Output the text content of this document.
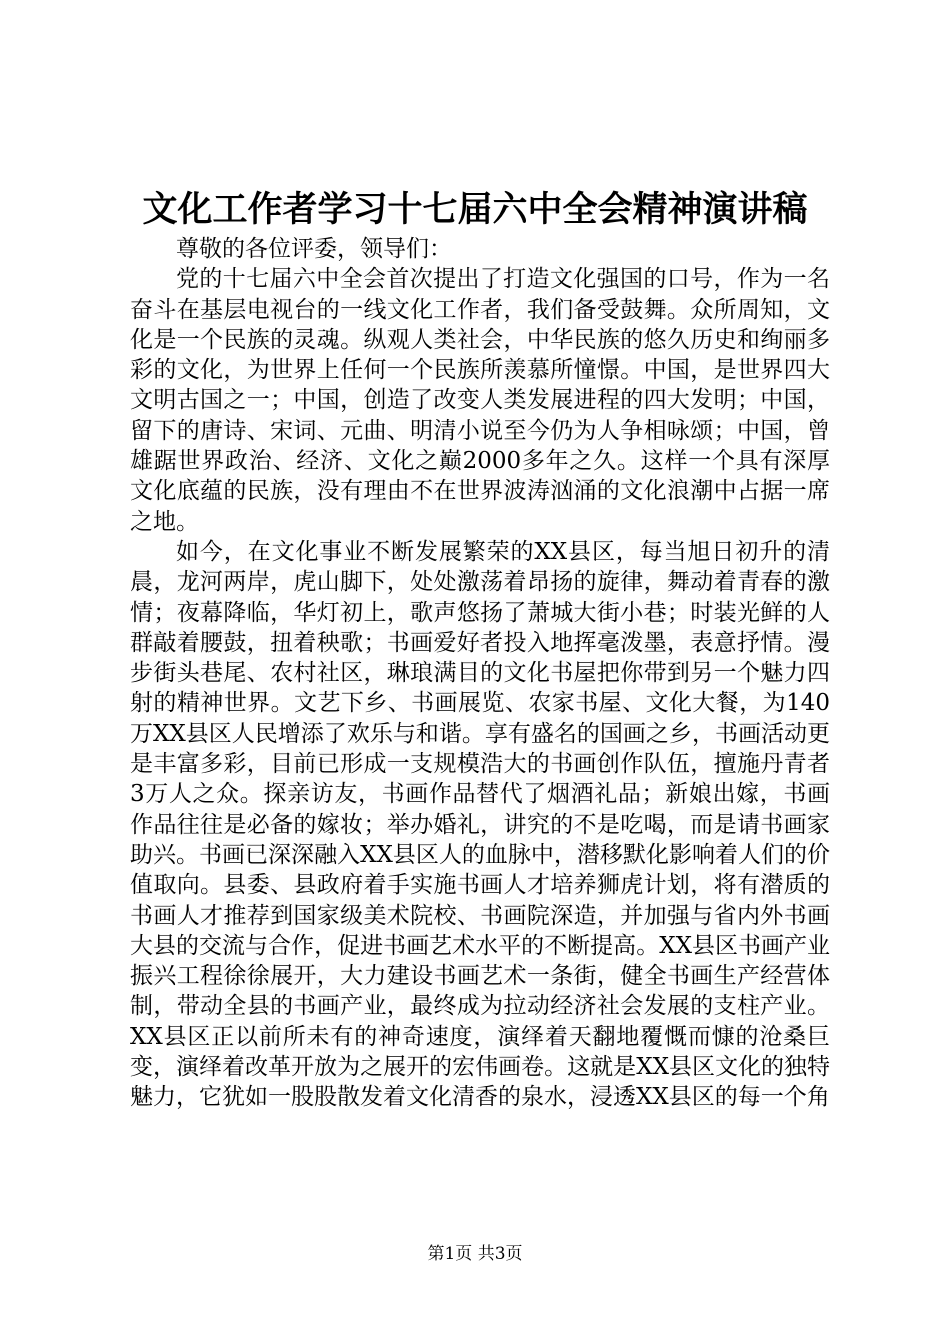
文化工作者学习十七届六中全会精神演讲稿

尊敬的各位评委，领导们：

党的十七届六中全会首次提出了打造文化强国的口号，作为一名奋斗在基层电视台的一线文化工作者，我们备受鼓舞。众所周知，文化是一个民族的灵魂。纵观人类社会，中华民族的悠久历史和绚丽多彩的文化，为世界上任何一个民族所羡慕所憧憬。中国，是世界四大文明古国之一；中国，创造了改变人类发展进程的四大发明；中国，留下的唐诗、宋词、元曲、明清小说至今仍为人争相咏颂；中国，曾雄踞世界政治、经济、文化之巅2000多年之久。这样一个具有深厚文化底蕴的民族，没有理由不在世界波涛汹涌的文化浪潮中占据一席之地。

如今，在文化事业不断发展繁荣的XX县区，每当旭日初升的清晨，龙河两岸，虎山脚下，处处激荡着昂扬的旋律，舞动着青春的激情；夜幕降临，华灯初上，歌声悠扬了萧城大街小巷；时装光鲜的人群敲着腰鼓，扭着秧歌；书画爱好者投入地挥毫泼墨，表意抒情。漫步街头巷尾、农村社区，琳琅满目的文化书屋把你带到另一个魅力四射的精神世界。文艺下乡、书画展览、农家书屋、文化大餐，为140万XX县区人民增添了欢乐与和谐。享有盛名的国画之乡，书画活动更是丰富多彩，目前已形成一支规模浩大的书画创作队伍，擅施丹青者3万人之众。探亲访友，书画作品替代了烟酒礼品；新娘出嫁，书画作品往往是必备的嫁妆；举办婚礼，讲究的不是吃喝，而是请书画家助兴。书画已深深融入XX县区人的血脉中，潜移默化影响着人们的价值取向。县委、县政府着手实施书画人才培养狮虎计划，将有潜质的书画人才推荐到国家级美术院校、书画院深造，并加强与省内外书画大县的交流与合作，促进书画艺术水平的不断提高。XX县区书画产业振兴工程徐徐展开，大力建设书画艺术一条街，健全书画生产经营体制，带动全县的书画产业，最终成为拉动经济社会发展的支柱产业。XX县区正以前所未有的神奇速度，演绎着天翻地覆慨而慷的沧桑巨变，演绎着改革开放为之展开的宏伟画卷。这就是XX县区文化的独特魅力，它犹如一股股散发着文化清香的泉水，浸透XX县区的每一个角

第1页 共3页
